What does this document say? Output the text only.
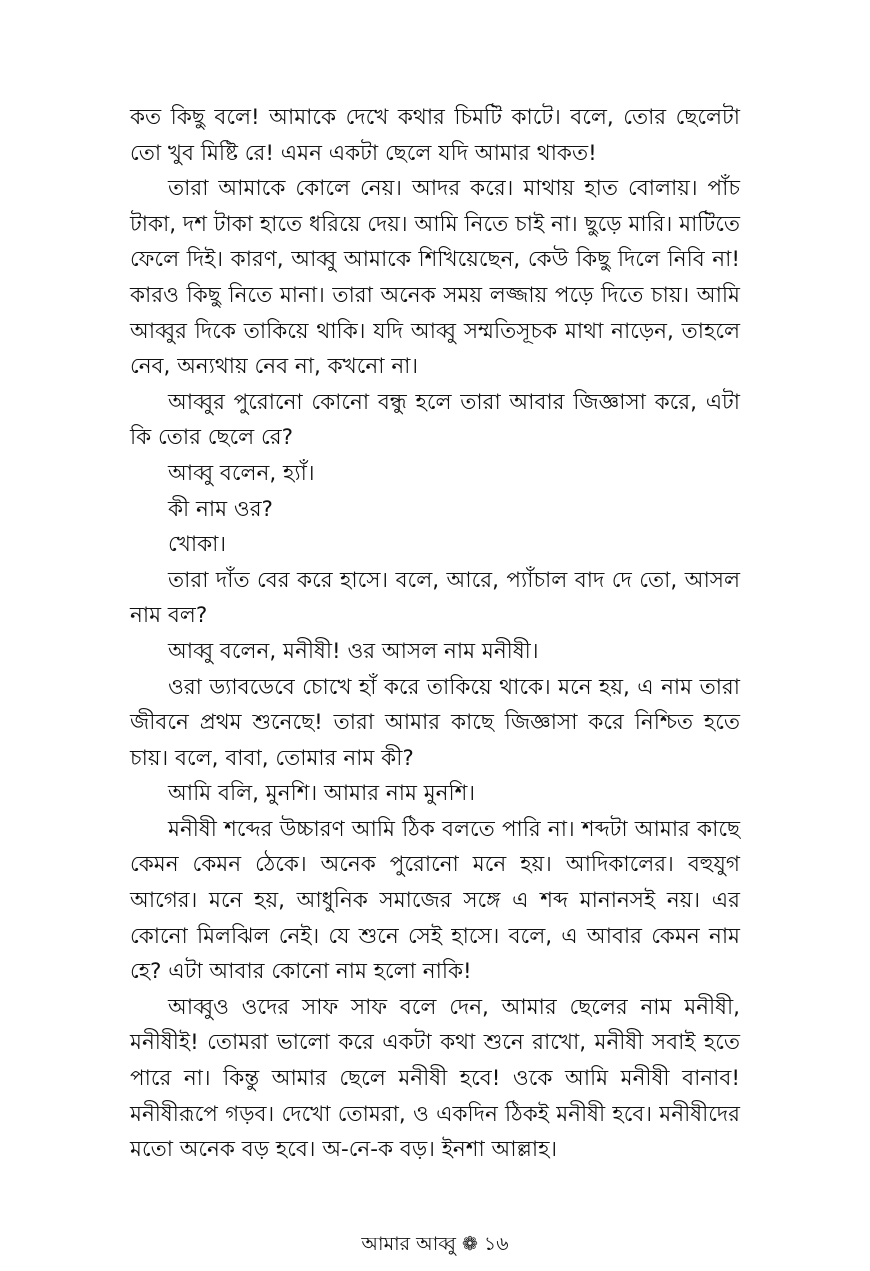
কত কিছু বলে! আমাকে দেখে কথার চিমটি কাটে। বলে, তোর ছেলেটা তো খুব মিষ্টি রে! এমন একটা ছেলে যদি আমার থাকত!

তারা আমাকে কোলে নেয়। আদর করে। মাথায় হাত বোলায়। পাঁচ টাকা, দশ টাকা হাতে ধরিয়ে দেয়। আমি নিতে চাই না। ছুড়ে মারি। মাটিতে ফেলে দিই। কারণ, আব্বু আমাকে শিখিয়েছেন, কেউ কিছু দিলে নিবি না! কারও কিছু নিতে মানা। তারা অনেক সময় লজ্জায় পড়ে দিতে চায়। আমি আব্বুর দিকে তাকিয়ে থাকি। যদি আব্বু সম্মতিসূচক মাথা নাড়েন, তাহলে নেব, অন্যথায় নেব না, কখনো না।

আব্বুর পুরোনো কোনো বন্ধু হলে তারা আবার জিজ্ঞাসা করে, এটা কি তোর ছেলে রে?

আব্বু বলেন, হ্যাঁ।

কী নাম ওর?

খোকা।

তারা দাঁত বের করে হাসে। বলে, আরে, প্যাঁচাল বাদ দে তো, আসল নাম বল?

আব্বু বলেন, মনীষী! ওর আসল নাম মনীষী।

ওরা ড্যাবডেবে চোখে হাঁ করে তাকিয়ে থাকে। মনে হয়, এ নাম তারা জীবনে প্রথম শুনেছে! তারা আমার কাছে জিজ্ঞাসা করে নিশ্চিত হতে চায়। বলে, বাবা, তোমার নাম কী?

আমি বলি, মুনশি। আমার নাম মুনশি।

মনীষী শব্দের উচ্চারণ আমি ঠিক বলতে পারি না। শব্দটা আমার কাছে কেমন কেমন ঠেকে। অনেক পুরোনো মনে হয়। আদিকালের। বহুযুগ আগের। মনে হয়, আধুনিক সমাজের সঙ্গে এ শব্দ মানানসই নয়। এর কোনো মিলঝিল নেই। যে শুনে সেই হাসে। বলে, এ আবার কেমন নাম হে? এটা আবার কোনো নাম হলো নাকি!

আব্বুও ওদের সাফ সাফ বলে দেন, আমার ছেলের নাম মনীষী, মনীষীই! তোমরা ভালো করে একটা কথা শুনে রাখো, মনীষী সবাই হতে পারে না। কিন্তু আমার ছেলে মনীষী হবে! ওকে আমি মনীষী বানাব! মনীষীরূপে গড়ব। দেখো তোমরা, ও একদিন ঠিকই মনীষী হবে। মনীষীদের মতো অনেক বড় হবে। অ-নে-ক বড়। ইনশা আল্লাহ।

আমার আব্বু ❁ ১৬
